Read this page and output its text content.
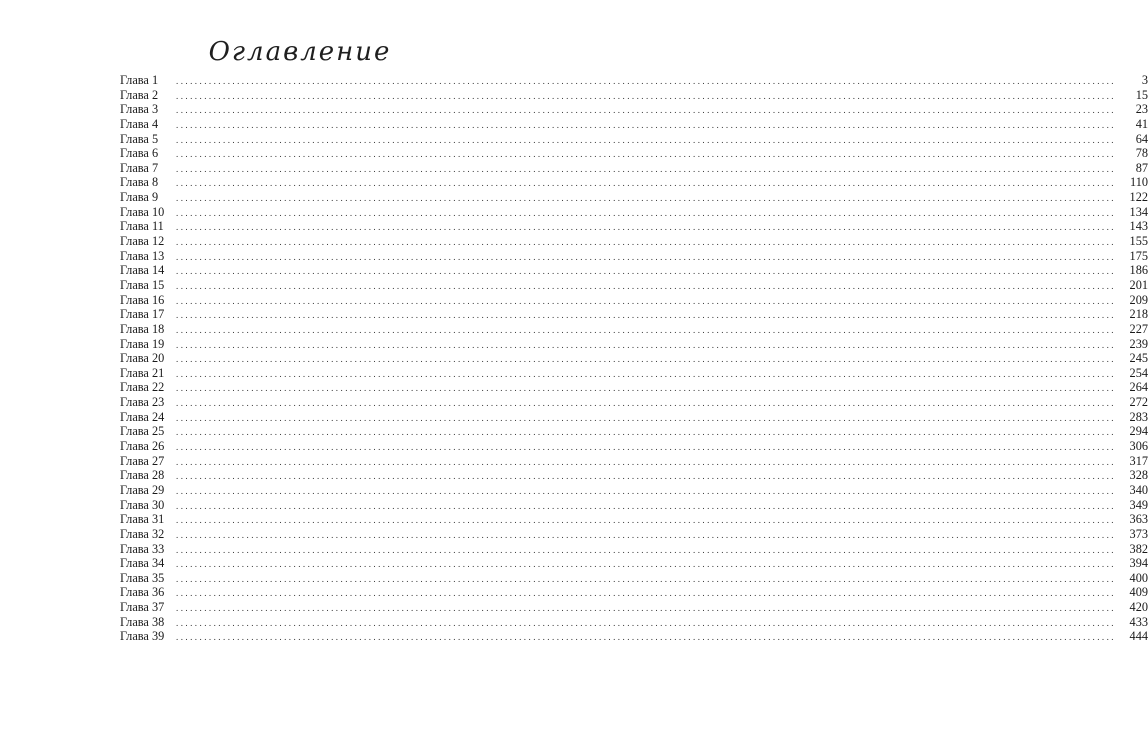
Оглавление
Глава 1	........................................................................................................................................................................................................	3
Глава 2	........................................................................................................................................................................................................	15
Глава 3	........................................................................................................................................................................................................	23
Глава 4	........................................................................................................................................................................................................	41
Глава 5	........................................................................................................................................................................................................	64
Глава 6	........................................................................................................................................................................................................	78
Глава 7	........................................................................................................................................................................................................	87
Глава 8	........................................................................................................................................................................................................	110
Глава 9	........................................................................................................................................................................................................	122
Глава 10	........................................................................................................................................................................................................	134
Глава 11	........................................................................................................................................................................................................	143
Глава 12	........................................................................................................................................................................................................	155
Глава 13	........................................................................................................................................................................................................	175
Глава 14	........................................................................................................................................................................................................	186
Глава 15	........................................................................................................................................................................................................	201
Глава 16	........................................................................................................................................................................................................	209
Глава 17	........................................................................................................................................................................................................	218
Глава 18	........................................................................................................................................................................................................	227
Глава 19	........................................................................................................................................................................................................	239
Глава 20	........................................................................................................................................................................................................	245
Глава 21	........................................................................................................................................................................................................	254
Глава 22	........................................................................................................................................................................................................	264
Глава 23	........................................................................................................................................................................................................	272
Глава 24	........................................................................................................................................................................................................	283
Глава 25	........................................................................................................................................................................................................	294
Глава 26	........................................................................................................................................................................................................	306
Глава 27	........................................................................................................................................................................................................	317
Глава 28	........................................................................................................................................................................................................	328
Глава 29	........................................................................................................................................................................................................	340
Глава 30	........................................................................................................................................................................................................	349
Глава 31	........................................................................................................................................................................................................	363
Глава 32	........................................................................................................................................................................................................	373
Глава 33	........................................................................................................................................................................................................	382
Глава 34	........................................................................................................................................................................................................	394
Глава 35	........................................................................................................................................................................................................	400
Глава 36	........................................................................................................................................................................................................	409
Глава 37	........................................................................................................................................................................................................	420
Глава 38	........................................................................................................................................................................................................	433
Глава 39	........................................................................................................................................................................................................	444
